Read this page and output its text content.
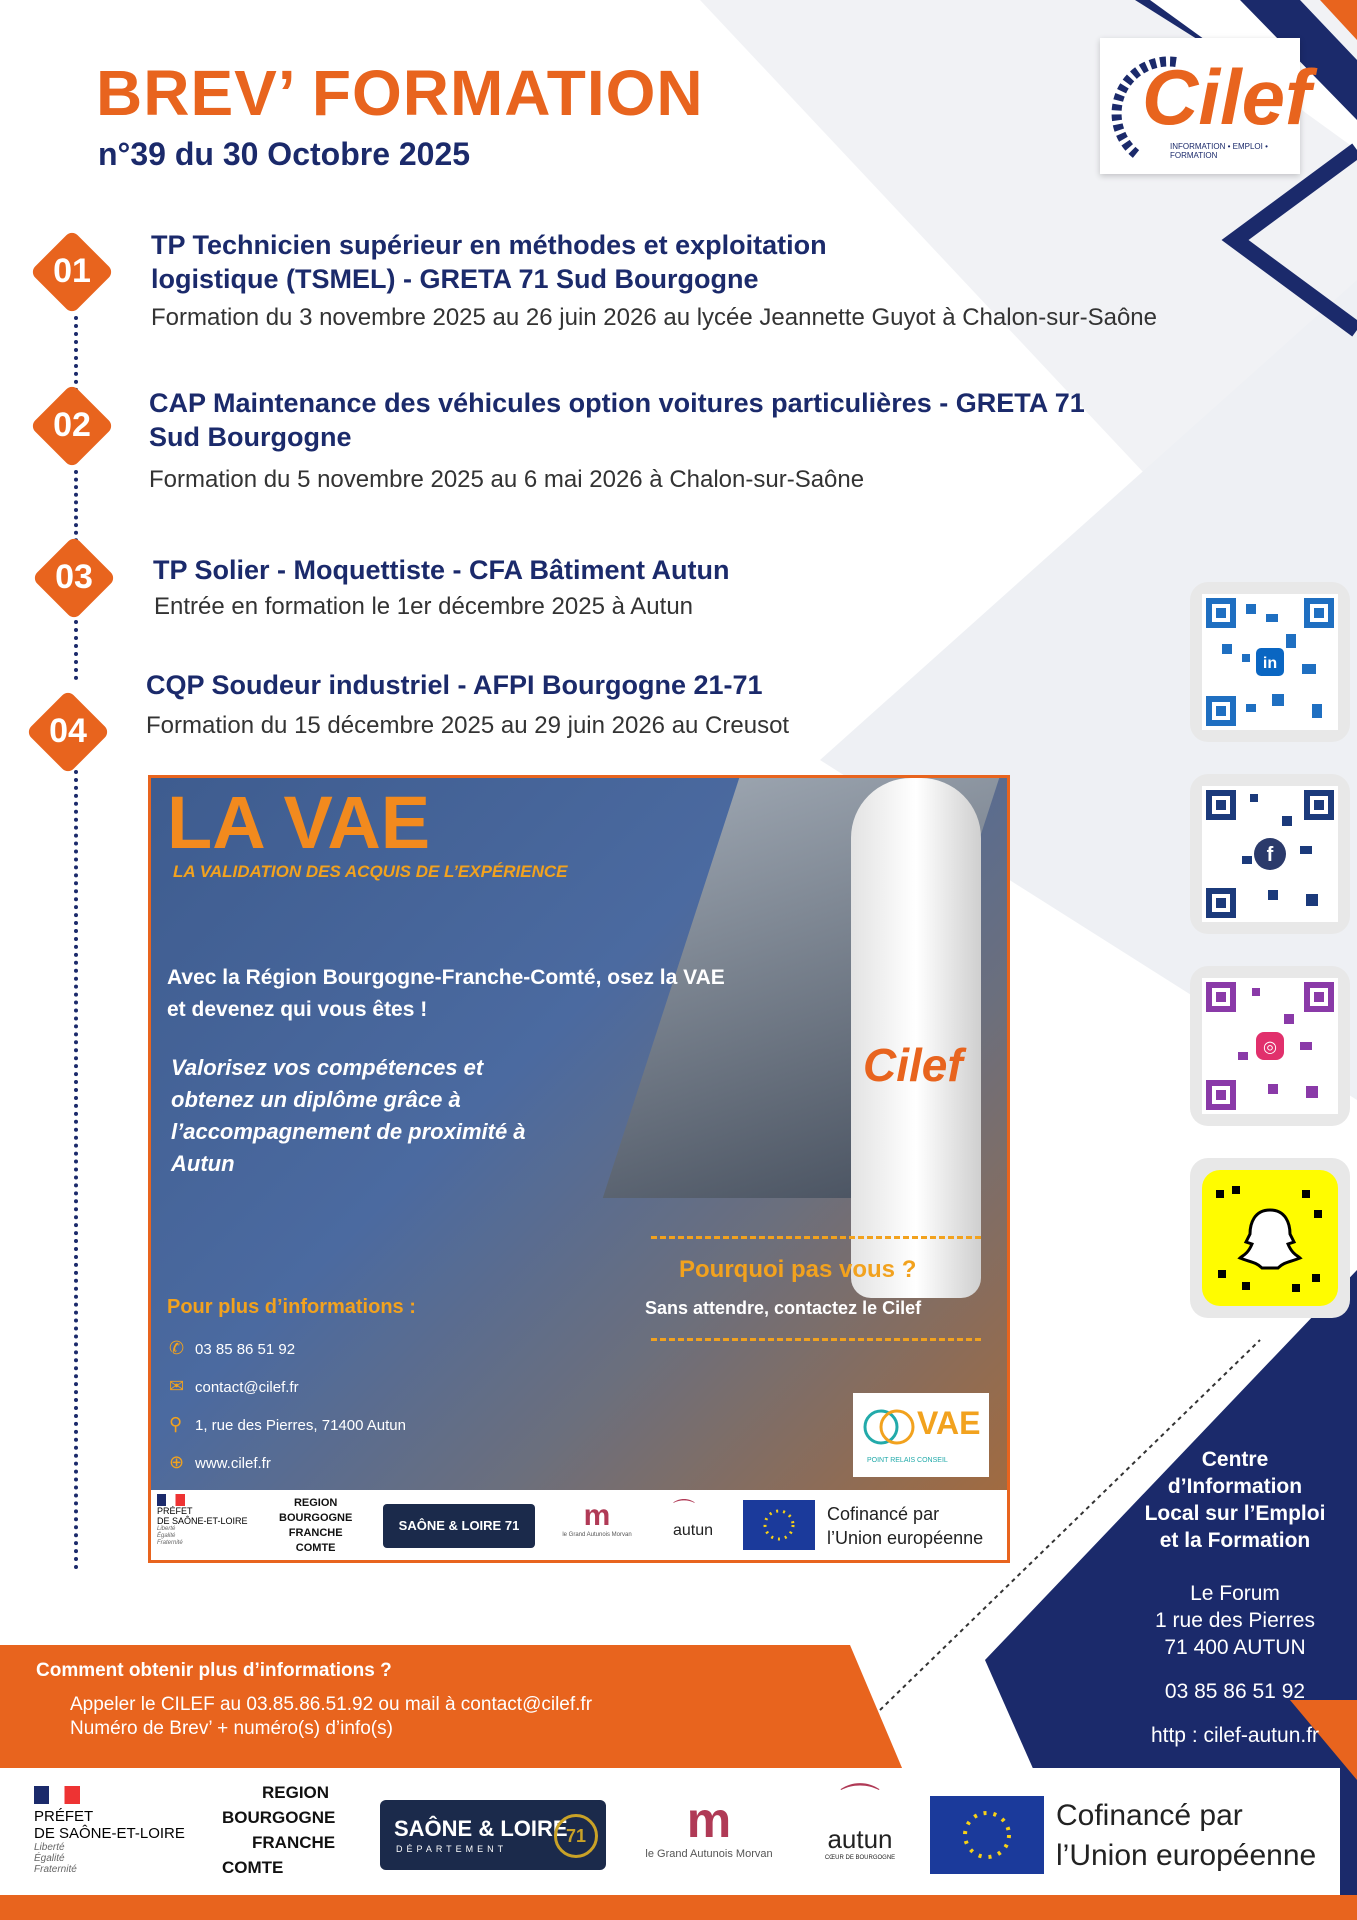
BREV’ FORMATION
n°39 du 30 Octobre 2025
Cilef
INFORMATION • EMPLOI • FORMATION
01
TP Technicien supérieur en méthodes et exploitation
logistique (TSMEL) - GRETA 71 Sud Bourgogne
Formation du 3 novembre 2025 au 26 juin 2026 au lycée Jeannette Guyot à Chalon-sur-Saône
02
CAP Maintenance des véhicules option voitures particulières - GRETA 71
Sud Bourgogne
Formation du 5 novembre 2025 au 6 mai 2026 à Chalon-sur-Saône
03	TP Solier - Moquettiste - CFA Bâtiment Autun
Entrée en formation le 1er décembre 2025 à Autun
04
CQP Soudeur industriel - AFPI Bourgogne 21-71
Formation du 15 décembre 2025 au 29 juin 2026 au Creusot
Cilef
LA VAE
LA VALIDATION DES ACQUIS DE L’EXPÉRIENCE
Avec la Région Bourgogne-Franche-Comté, osez la VAE et devenez qui vous êtes !
Valorisez vos compétences et obtenez un diplôme grâce à l’accompagnement de proximité à Autun
Pour plus d’informations :
✆ 03 85 86 51 92
✉ contact@cilef.fr
⚲ 1, rue des Pierres, 71400 Autun
⊕ www.cilef.fr
Pourquoi pas vous ?
Sans attendre, contactez le Cilef
VAE
POINT RELAIS CONSEIL
PRÉFET
DE SAÔNE-ET-LOIRE
Liberté
Égalité
Fraternité
REGION
BOURGOGNE
FRANCHE
COMTE
SAÔNE & LOIRE 71	m
le Grand Autunois Morvan
⌒
autun
Cofinancé par
l’Union européenne
in
f
◎
Centre
d’Information
Local sur l’Emploi
et la Formation
Le Forum
1 rue des Pierres
71 400 AUTUN
03 85 86 51 92
http : cilef-autun.fr
Comment obtenir plus d’informations ?
Appeler le CILEF au 03.85.86.51.92 ou mail à contact@cilef.fr
Numéro de Brev’ + numéro(s) d’info(s)
PRÉFET
DE SAÔNE-ET-LOIRE
Liberté
Égalité
Fraternité
REGION
BOURGOGNE
FRANCHE
COMTE
SAÔNE & LOIRE
DÉPARTEMENT
71	m
le Grand Autunois Morvan
⌒
autun
CŒUR DE BOURGOGNE
Cofinancé par
l’Union européenne
